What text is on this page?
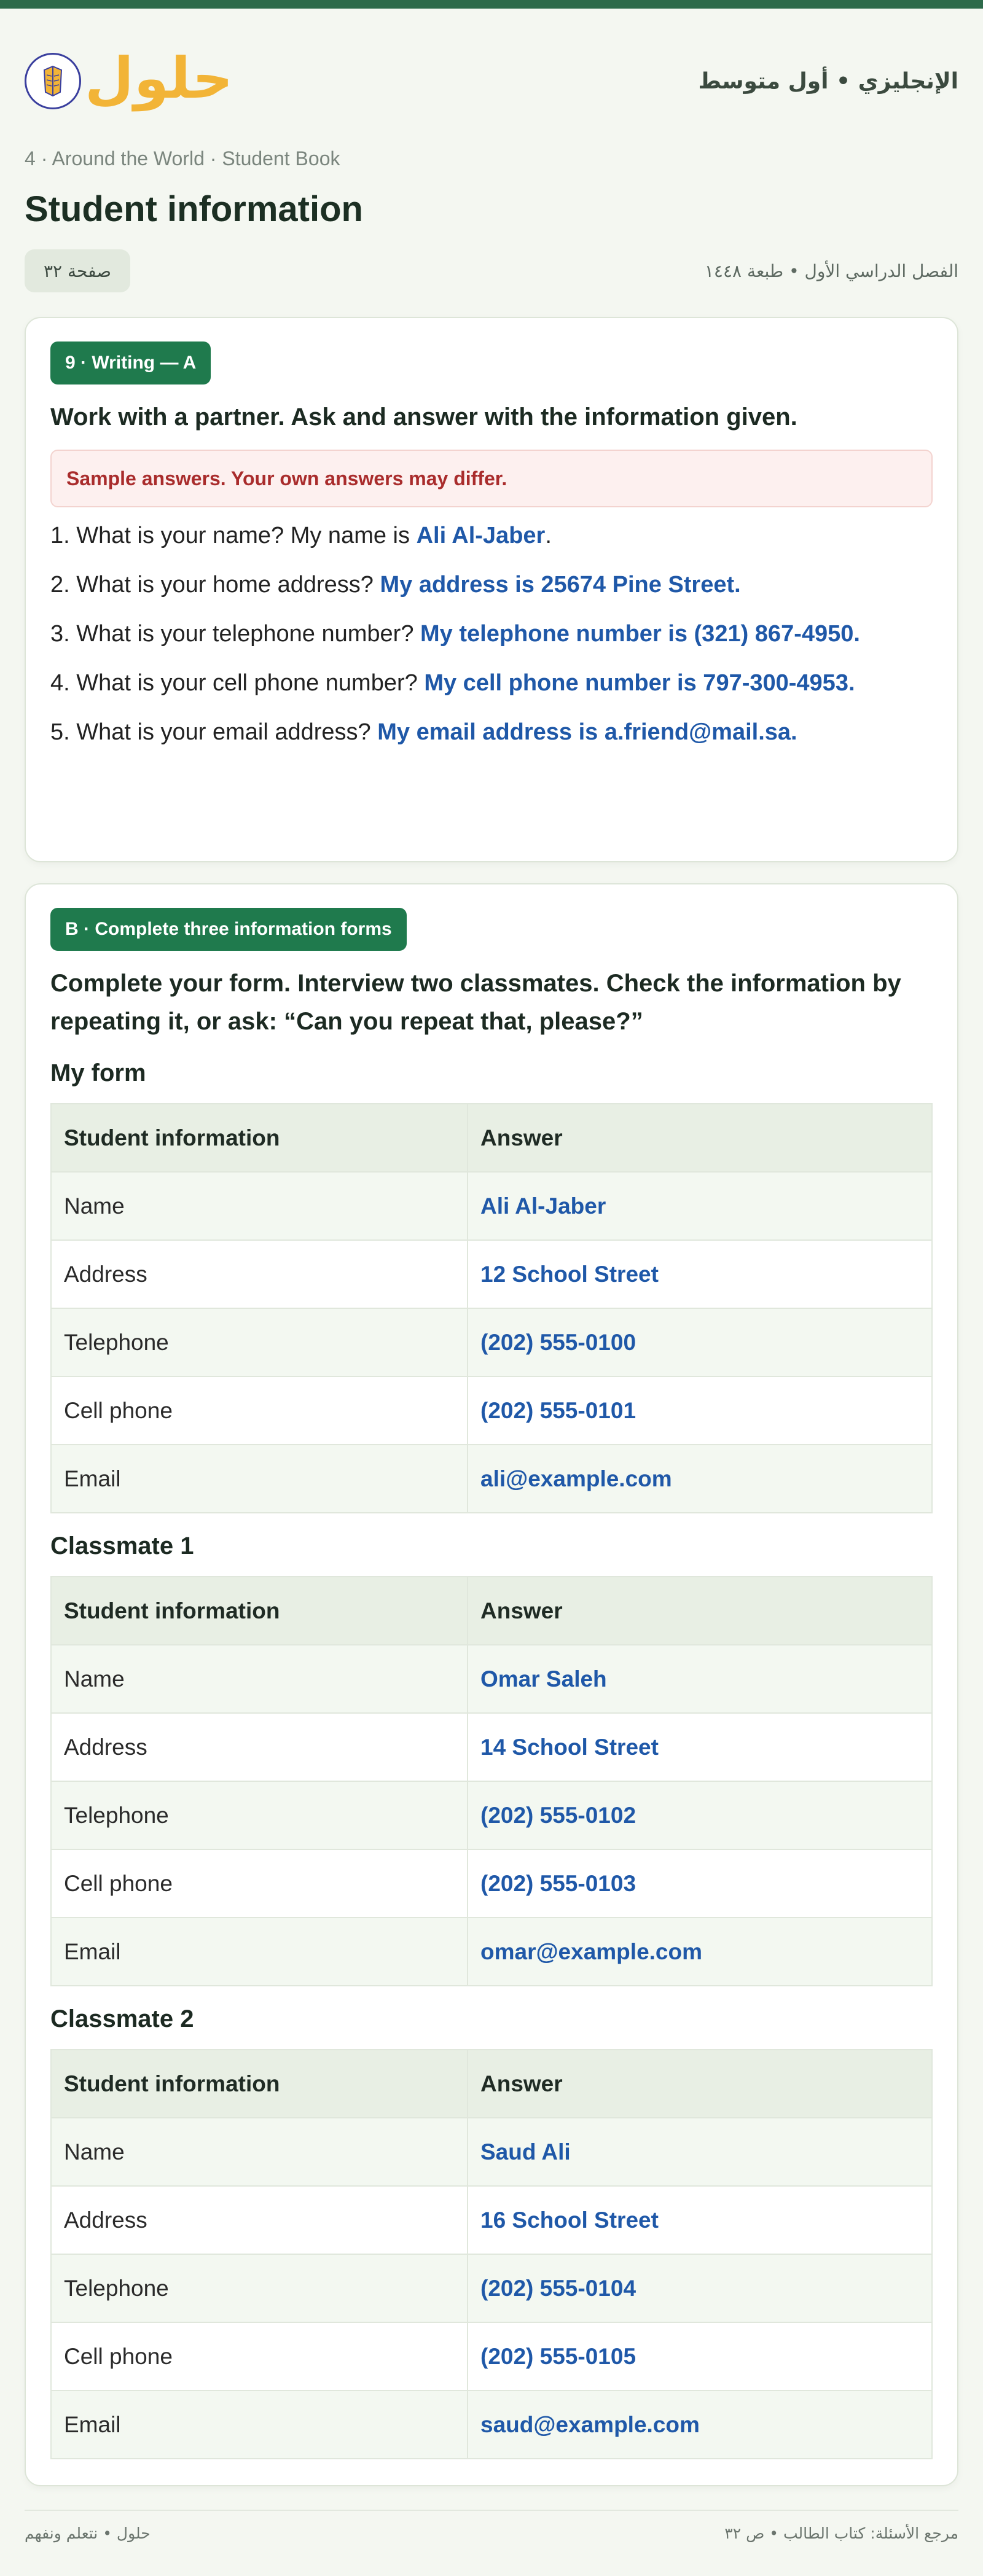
حلول	الإنجليزي • أول متوسط
4 · Around the World · Student Book
Student information
صفحة ٣٢	الفصل الدراسي الأول • طبعة ١٤٤٨
9 · Writing — A
Work with a partner. Ask and answer with the information given.
Sample answers. Your own answers may differ.

1. What is your name? My name is Ali Al-Jaber.

2. What is your home address? My address is 25674 Pine Street.

3. What is your telephone number? My telephone number is (321) 867-4950.

4. What is your cell phone number? My cell phone number is 797-300-4953.

5. What is your email address? My email address is a.friend@mail.sa.

B · Complete three information forms
Complete your form. Interview two classmates. Check the information by repeating it, or ask: “Can you repeat that, please?”
My form
Student information	Answer
Name	Ali Al-Jaber
Address	12 School Street
Telephone	(202) 555-0100
Cell phone	(202) 555-0101
Email	ali@example.com
Classmate 1
Student information	Answer
Name	Omar Saleh
Address	14 School Street
Telephone	(202) 555-0102
Cell phone	(202) 555-0103
Email	omar@example.com
Classmate 2
Student information	Answer
Name	Saud Ali
Address	16 School Street
Telephone	(202) 555-0104
Cell phone	(202) 555-0105
Email	saud@example.com
حلول • نتعلم ونفهم	مرجع الأسئلة: كتاب الطالب • ص ٣٢
